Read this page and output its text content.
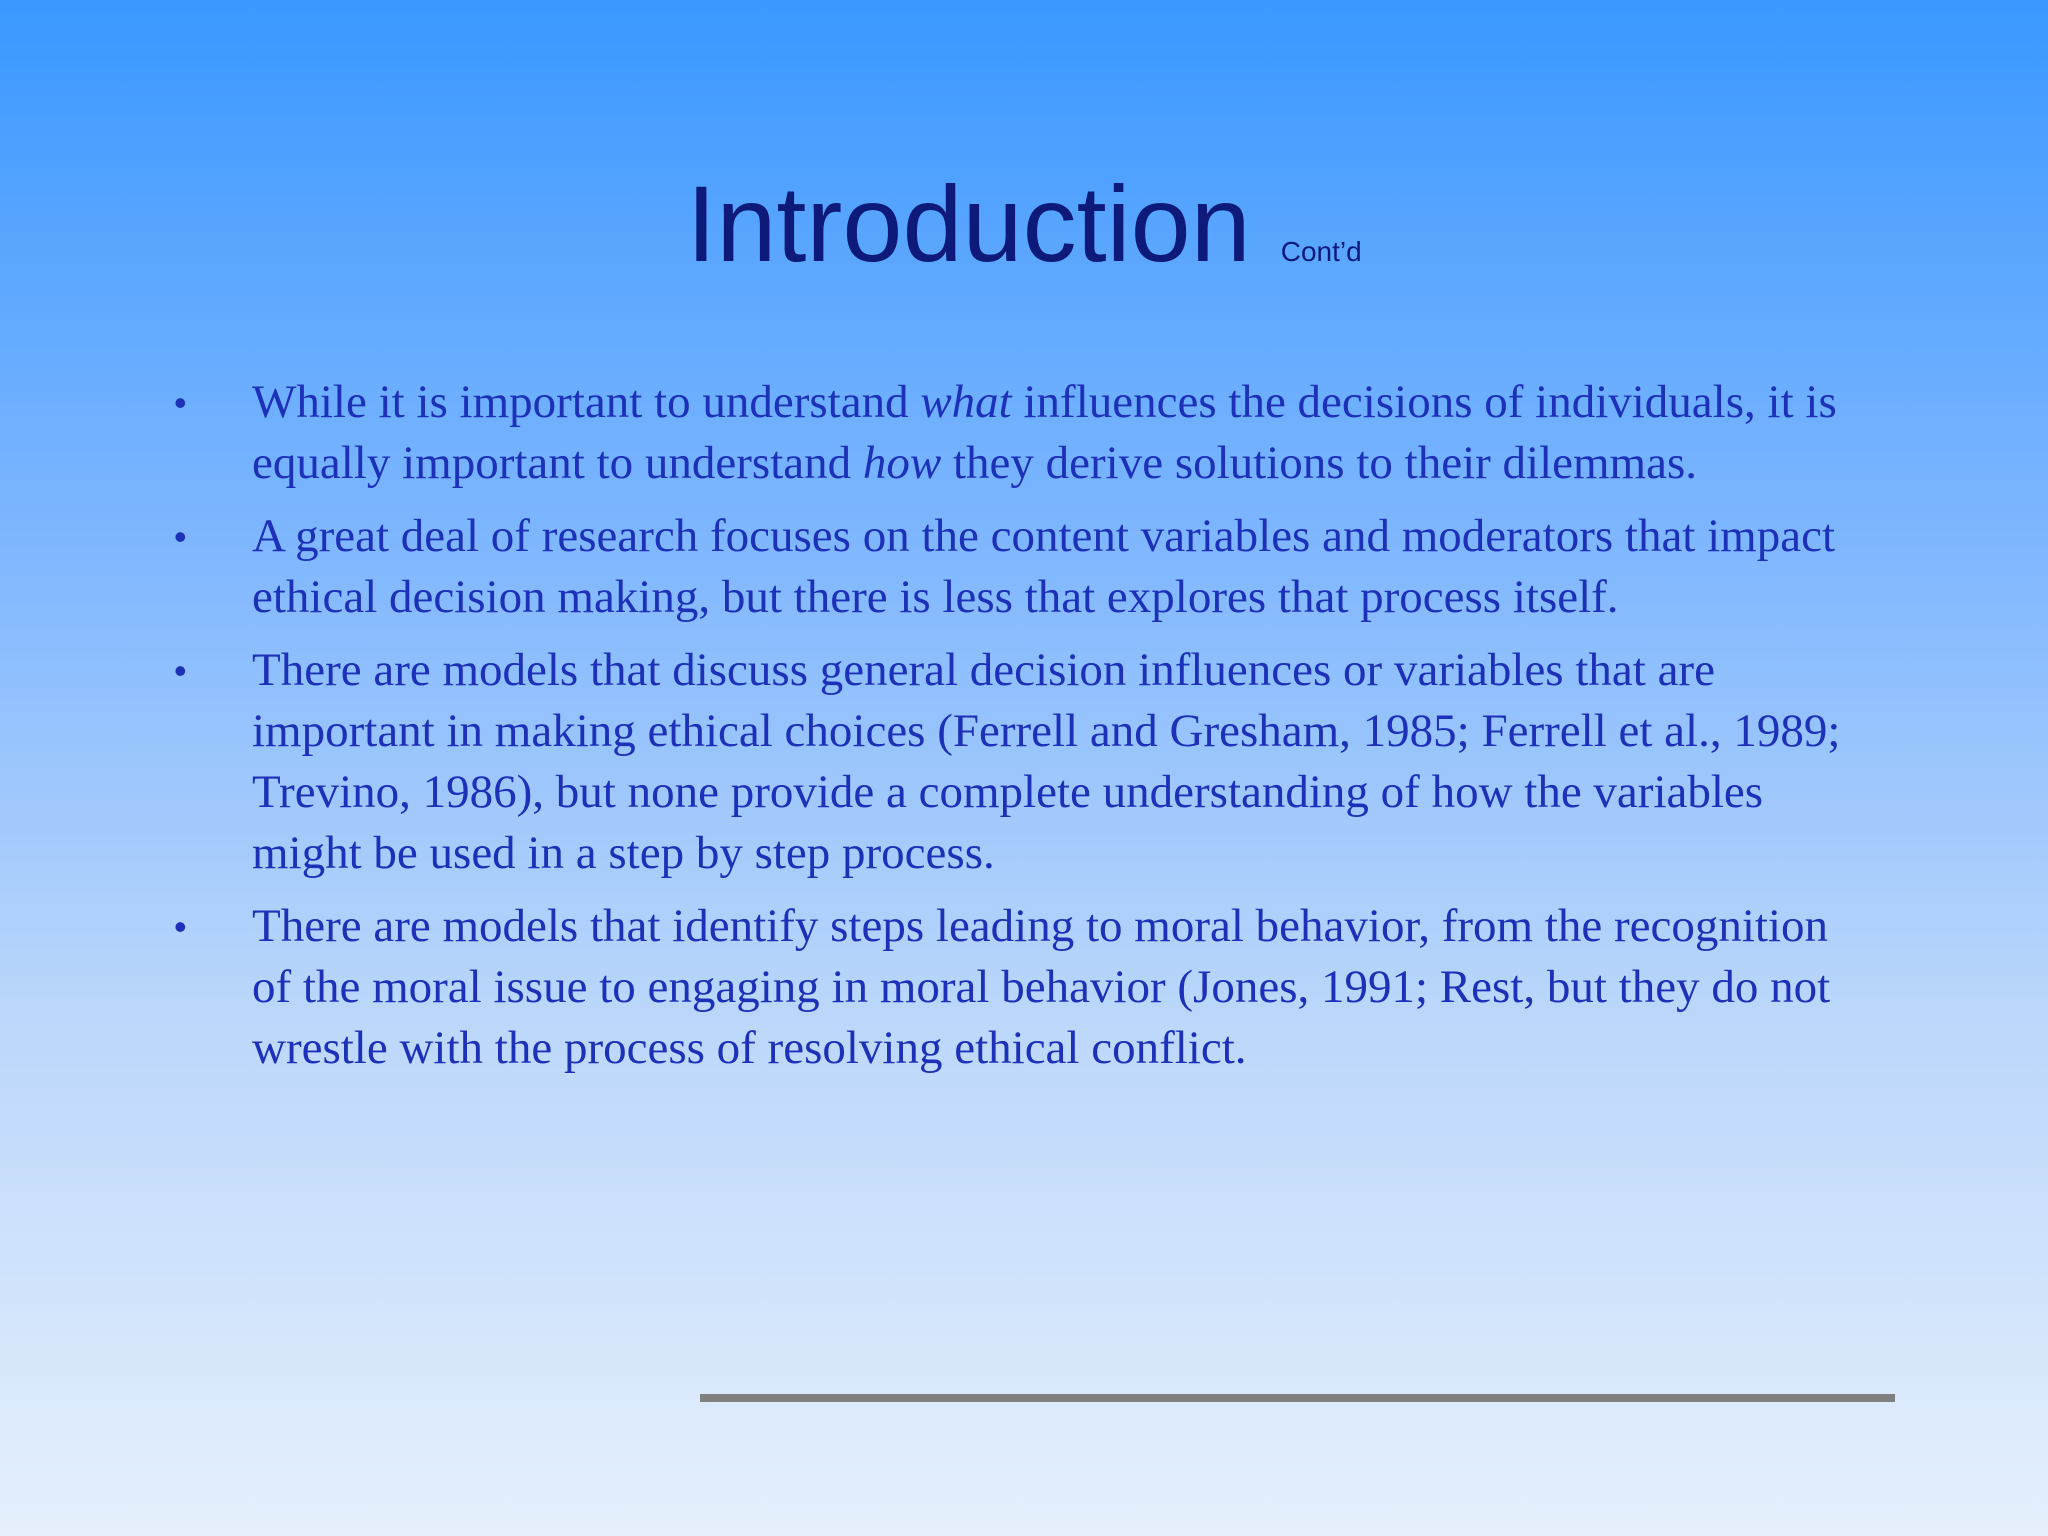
Introduction Cont’d
• While it is important to understand what influences the decisions of individuals, it is equally important to understand how they derive solutions to their dilemmas.
• A great deal of research focuses on the content variables and moderators that impact ethical decision making, but there is less that explores that process itself.
• There are models that discuss general decision influences or variables that are important in making ethical choices (Ferrell and Gresham, 1985; Ferrell et al., 1989; Trevino, 1986), but none provide a complete understanding of how the variables might be used in a step by step process.
• There are models that identify steps leading to moral behavior, from the recognition of the moral issue to engaging in moral behavior (Jones, 1991; Rest, but they do not wrestle with the process of resolving ethical conflict.
